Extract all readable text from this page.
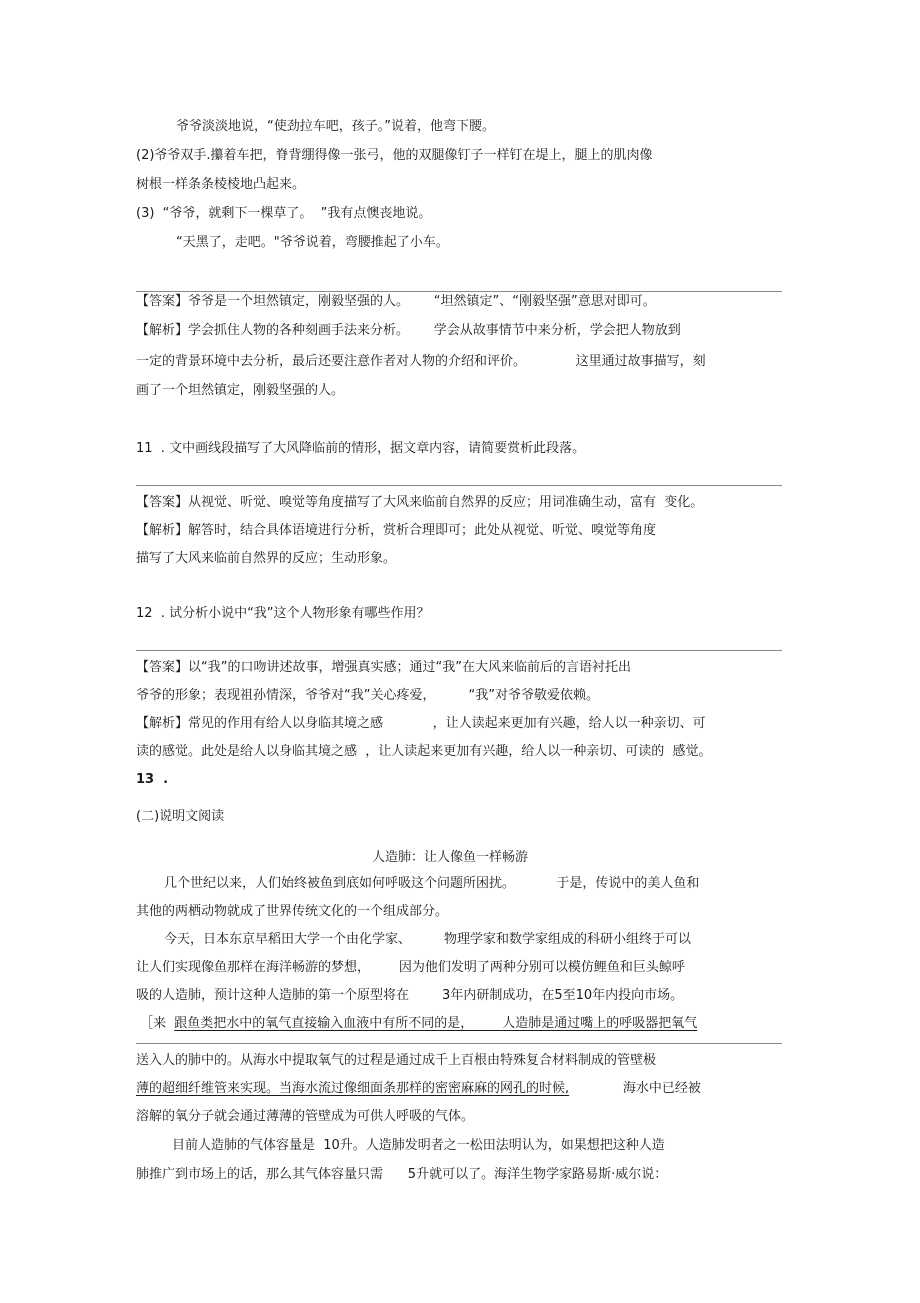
爷爷淡淡地说，“使劲拉车吧，孩子。”说着，他弯下腰。
(2)爷爷双手.攥着车把，脊背绷得像一张弓，他的双腿像钉子一样钉在堤上，腿上的肌肉像
树根一样条条棱棱地凸起来。
(3)  “爷爷，就剩下一棵草了。  ”我有点懊丧地说。
“天黑了，走吧。"爷爷说着，弯腰推起了小车。
【答案】爷爷是一个坦然镇定，刚毅坚强的人。      “坦然镇定”、“刚毅坚强”意思对即可。
【解析】学会抓住人物的各种刻画手法来分析。      学会从故事情节中来分析，学会把人物放到
一定的背景环境中去分析，最后还要注意作者对人物的介绍和评价。            这里通过故事描写，刻
画了一个坦然镇定，刚毅坚强的人。
11  . 文中画线段描写了大风降临前的情形，据文章内容，请简要赏析此段落。
【答案】从视觉、听觉、嗅觉等角度描写了大风来临前自然界的反应；用词准确生动，富有  变化。
【解析】解答时，结合具体语境进行分析，赏析合理即可；此处从视觉、听觉、嗅觉等角度
描写了大风来临前自然界的反应；生动形象。
12  . 试分析小说中“我”这个人物形象有哪些作用？
【答案】以“我”的口吻讲述故事，增强真实感；通过“我”在大风来临前后的言语衬托出
爷爷的形象；表现祖孙情深，爷爷对“我”关心疼爱，        “我”对爷爷敬爱依赖。
【解析】常见的作用有给人以身临其境之感            ，让人读起来更加有兴趣，给人以一种亲切、可
读的感觉。此处是给人以身临其境之感  ，让人读起来更加有兴趣，给人以一种亲切、可读的  感觉。
13  .
(二)说明文阅读
人造肺：让人像鱼一样畅游
几个世纪以来，人们始终被鱼到底如何呼吸这个问题所困扰。          于是，传说中的美人鱼和
其他的两栖动物就成了世界传统文化的一个组成部分。
今天，日本东京早稻田大学一个由化学家、        物理学家和数学家组成的科研小组终于可以
让人们实现像鱼那样在海洋畅游的梦想，       因为他们发明了两种分别可以模仿鲤鱼和巨头鲸呼
吸的人造肺，预计这种人造肺的第一个原型将在        3年内研制成功，在5至10年内投向市场。
［来  跟鱼类把水中的氧气直接输入血液中有所不同的是，       人造肺是通过嘴上的呼吸器把氧气
送入人的肺中的。从海水中提取氧气的过程是通过成千上百根由特殊复合材料制成的管壁极
薄的超细纤维管来实现。当海水流过像细面条那样的密密麻麻的网孔的时候,             海水中已经被
溶解的氧分子就会通过薄薄的管壁成为可供人呼吸的气体。
目前人造肺的气体容量是  10升。人造肺发明者之一松田法明认为，如果想把这种人造
肺推广到市场上的话，那么其气体容量只需      5升就可以了。海洋生物学家路易斯·威尔说：
